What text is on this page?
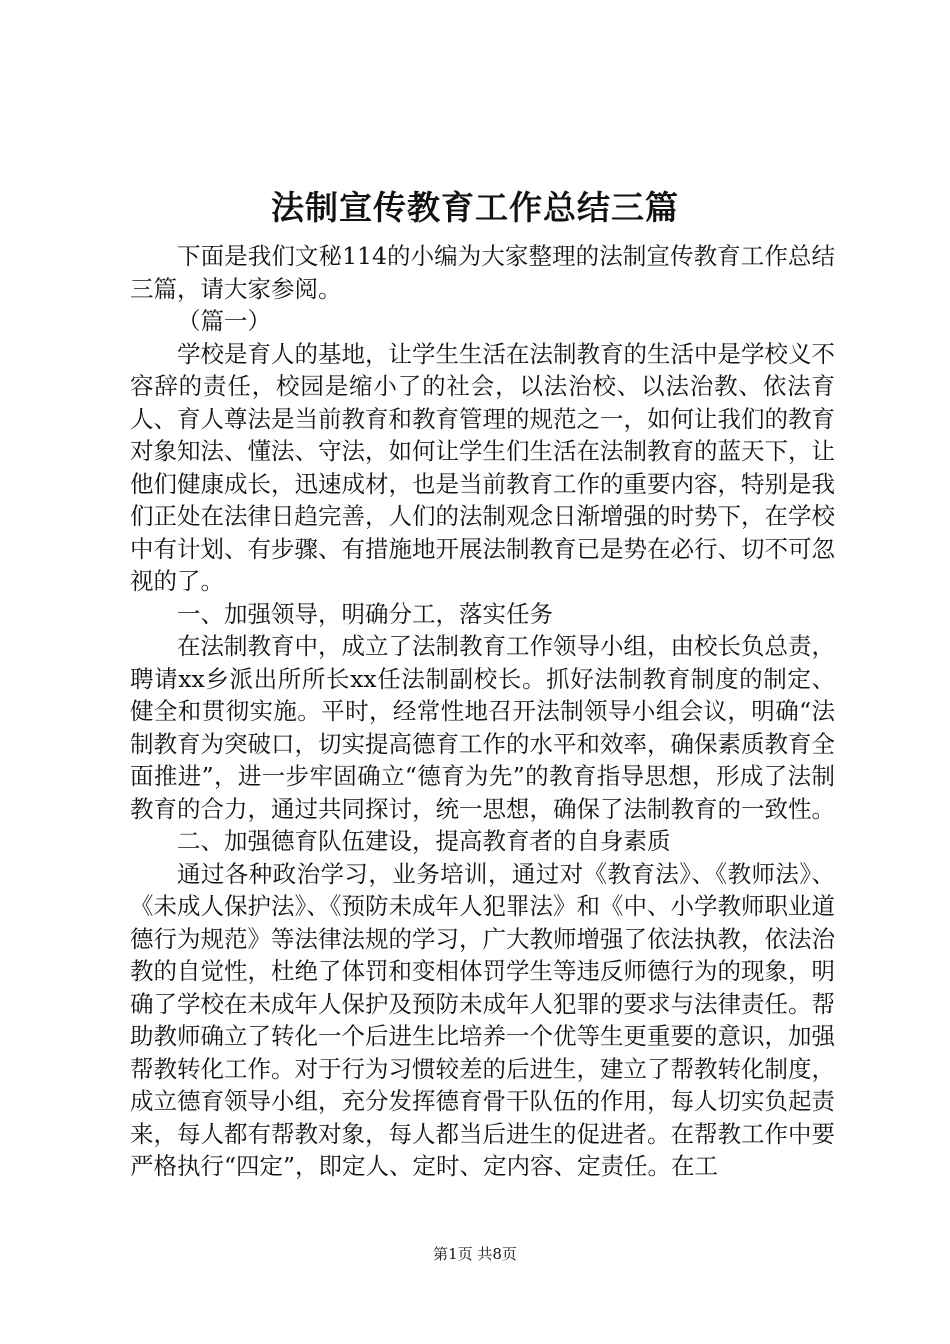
法制宣传教育工作总结三篇

下面是我们文秘114的小编为大家整理的法制宣传教育工作总结三篇，请大家参阅。

（篇一）

学校是育人的基地，让学生生活在法制教育的生活中是学校义不容辞的责任，校园是缩小了的社会，以法治校、以法治教、依法育人、育人尊法是当前教育和教育管理的规范之一，如何让我们的教育对象知法、懂法、守法，如何让学生们生活在法制教育的蓝天下，让他们健康成长，迅速成材，也是当前教育工作的重要内容，特别是我们正处在法律日趋完善，人们的法制观念日渐增强的时势下，在学校中有计划、有步骤、有措施地开展法制教育已是势在必行、切不可忽视的了。

一、加强领导，明确分工，落实任务

在法制教育中，成立了法制教育工作领导小组，由校长负总责，聘请xx乡派出所所长xx任法制副校长。抓好法制教育制度的制定、健全和贯彻实施。平时，经常性地召开法制领导小组会议，明确“法制教育为突破口，切实提高德育工作的水平和效率，确保素质教育全面推进”，进一步牢固确立“德育为先”的教育指导思想，形成了法制教育的合力，通过共同探讨，统一思想，确保了法制教育的一致性。

二、加强德育队伍建设，提高教育者的自身素质

通过各种政治学习，业务培训，通过对《教育法》、《教师法》、《未成人保护法》、《预防未成年人犯罪法》和《中、小学教师职业道德行为规范》等法律法规的学习，广大教师增强了依法执教，依法治教的自觉性，杜绝了体罚和变相体罚学生等违反师德行为的现象，明确了学校在未成年人保护及预防未成年人犯罪的要求与法律责任。帮助教师确立了转化一个后进生比培养一个优等生更重要的意识，加强帮教转化工作。对于行为习惯较差的后进生，建立了帮教转化制度，成立德育领导小组，充分发挥德育骨干队伍的作用，每人切实负起责来，每人都有帮教对象，每人都当后进生的促进者。在帮教工作中要严格执行“四定”，即定人、定时、定内容、定责任。在工

第1页 共8页
